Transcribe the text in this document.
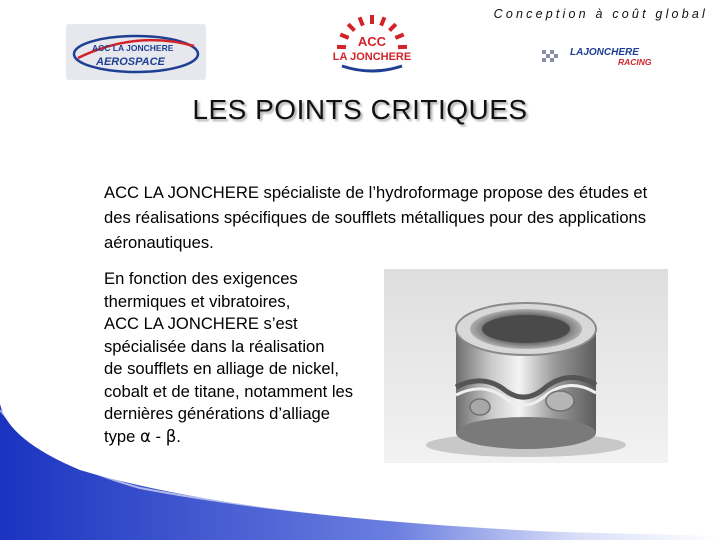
Conception à coût global
ACC LA JONCHERE
AEROSPACE
ACC
LA JONCHERE	LAJONCHERE
RACING
LES POINTS CRITIQUES
ACC LA JONCHERE spécialiste de l’hydroformage propose des études et des réalisations spécifiques de soufflets métalliques pour des applications aéronautiques.
En fonction des exigences
thermiques et vibratoires,
ACC LA JONCHERE s’est
spécialisée dans la réalisation
de soufflets en alliage de nickel,
cobalt et de titane, notamment les
dernières générations d’alliage
type α - β.
